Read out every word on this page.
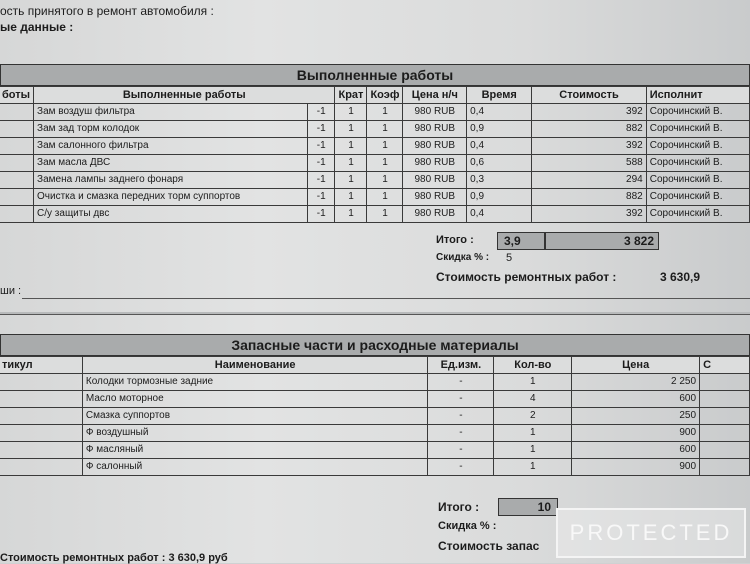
ость принятого в ремонт автомобиля :
ые данные :
Выполненные работы
боты	Выполненные работы		Крат	Коэф	Цена н/ч	Время	Стоимость	Исполнит
	Зам воздуш фильтра	-1	1	1	980 RUB	0,4	392	Сорочинский В.
	Зам зад торм колодок	-1	1	1	980 RUB	0,9	882	Сорочинский В.
	Зам салонного фильтра	-1	1	1	980 RUB	0,4	392	Сорочинский В.
	Зам масла ДВС	-1	1	1	980 RUB	0,6	588	Сорочинский В.
	Замена лампы заднего фонаря	-1	1	1	980 RUB	0,3	294	Сорочинский В.
	Очистка и смазка передних торм суппортов	-1	1	1	980 RUB	0,9	882	Сорочинский В.
	С/у защиты двс	-1	1	1	980 RUB	0,4	392	Сорочинский В.
Итого :	3,9	3 822
Скидка % : 5
Стоимость ремонтных работ :	3 630,9
ши :
Запасные части и расходные материалы
тикул	Наименование	Ед.изм.	Кол-во	Цена	С
	Колодки тормозные задние	-	1	2 250	
	Масло моторное	-	4	600	
	Смазка суппортов	-	2	250	
	Ф воздушный	-	1	900	
	Ф масляный	-	1	600	
	Ф салонный	-	1	900	
Итого :	10
Скидка % :
Стоимость запас
Стоимость ремонтных работ : 3 630,9 руб
PROTECTED
